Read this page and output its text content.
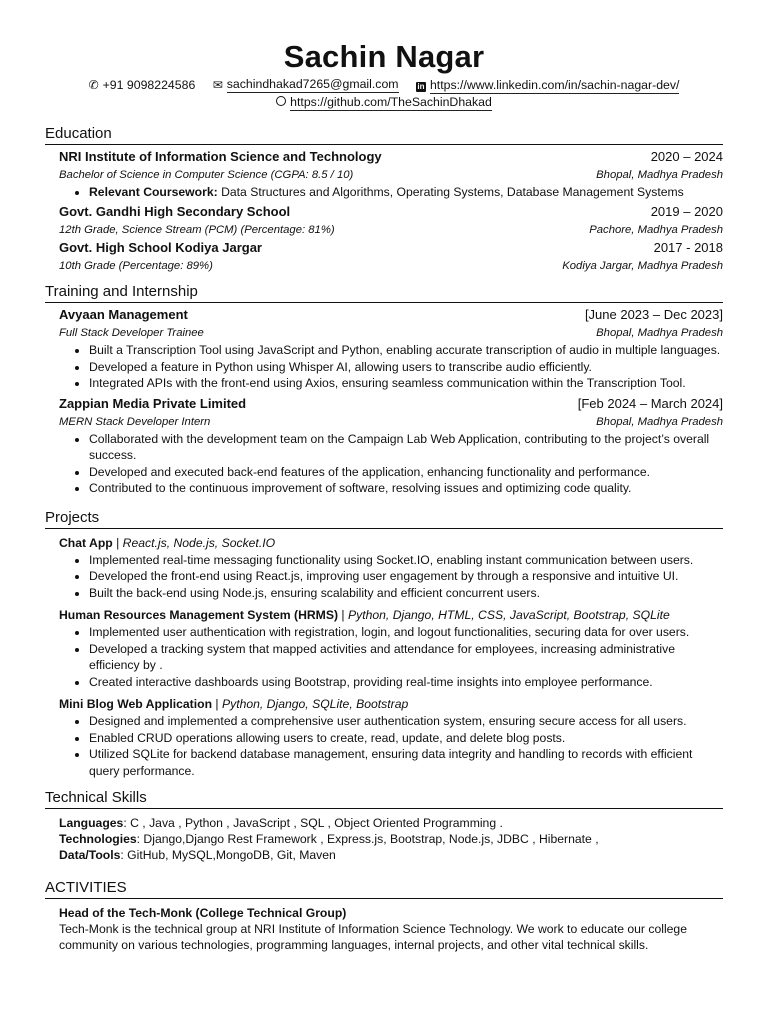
Sachin Nagar
✆ +91 9098224586
✉ sachindhakad7265@gmail.com
in https://www.linkedin.com/in/sachin-nagar-dev/
https://github.com/TheSachinDhakad
Education
NRI Institute of Information Science and Technology	2020 – 2024
Bachelor of Science in Computer Science (CGPA: 8.5 / 10)	Bhopal, Madhya Pradesh
• Relevant Coursework: Data Structures and Algorithms, Operating Systems, Database Management Systems
Govt. Gandhi High Secondary School	2019 – 2020
12th Grade, Science Stream (PCM) (Percentage: 81%)	Pachore, Madhya Pradesh
Govt. High School Kodiya Jargar	2017 - 2018
10th Grade (Percentage: 89%)	Kodiya Jargar, Madhya Pradesh
Training and Internship
Avyaan Management	[June 2023 – Dec 2023]
Full Stack Developer Trainee	Bhopal, Madhya Pradesh
• Built a Transcription Tool using JavaScript and Python, enabling accurate transcription of audio in multiple languages.
• Developed a feature in Python using Whisper AI, allowing users to transcribe audio efficiently.
• Integrated APIs with the front-end using Axios, ensuring seamless communication within the Transcription Tool.
Zappian Media Private Limited	[Feb 2024 – March 2024]
MERN Stack Developer Intern	Bhopal, Madhya Pradesh
• Collaborated with the development team on the Campaign Lab Web Application, contributing to the project’s overall success.
• Developed and executed back-end features of the application, enhancing functionality and performance.
• Contributed to the continuous improvement of software, resolving issues and optimizing code quality.
Projects
Chat App | React.js, Node.js, Socket.IO
• Implemented real-time messaging functionality using Socket.IO, enabling instant communication between users.
• Developed the front-end using React.js, improving user engagement by through a responsive and intuitive UI.
• Built the back-end using Node.js, ensuring scalability and efficient concurrent users.
Human Resources Management System (HRMS) | Python, Django, HTML, CSS, JavaScript, Bootstrap, SQLite
• Implemented user authentication with registration, login, and logout functionalities, securing data for over users.
• Developed a tracking system that mapped activities and attendance for employees, increasing administrative efficiency by .
• Created interactive dashboards using Bootstrap, providing real-time insights into employee performance.
Mini Blog Web Application | Python, Django, SQLite, Bootstrap
• Designed and implemented a comprehensive user authentication system, ensuring secure access for all users.
• Enabled CRUD operations allowing users to create, read, update, and delete blog posts.
• Utilized SQLite for backend database management, ensuring data integrity and handling to records with efficient query performance.
Technical Skills
Languages: C , Java , Python , JavaScript , SQL , Object Oriented Programming .
Technologies: Django,Django Rest Framework , Express.js, Bootstrap, Node.js, JDBC , Hibernate ,
Data/Tools: GitHub, MySQL,MongoDB, Git, Maven
ACTIVITIES
Head of the Tech-Monk (College Technical Group)
Tech-Monk is the technical group at NRI Institute of Information Science Technology. We work to educate our college community on various technologies, programming languages, internal projects, and other vital technical skills.
